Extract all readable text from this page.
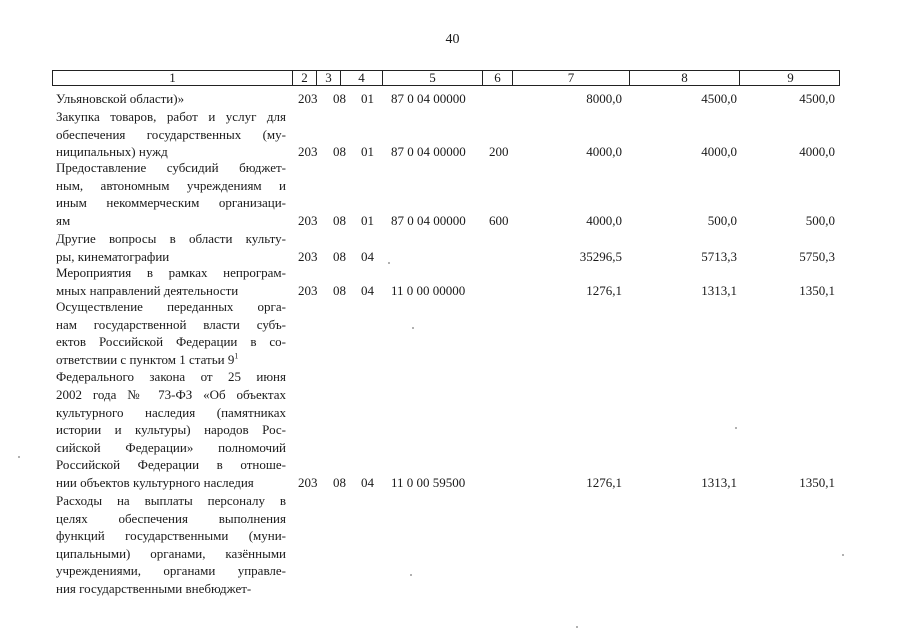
40
1	2	3	4	5	6	7	8	9
Ульяновской области)»	203 08 01 87 0 04 00000	8000,0	4500,0	4500,0
Закупка товаров, работ и услуг для
обеспечения государственных (му-
ниципальных) нужд	203 08 01 87 0 04 00000 200	4000,0	4000,0	4000,0
Предоставление субсидий бюджет-
ным, автономным учреждениям и
иным некоммерческим организаци-
ям	203 08 01 87 0 04 00000 600	4000,0	500,0	500,0
Другие вопросы в области культу-
ры, кинематографии	203 08 04	35296,5	5713,3	5750,3
Мероприятия в рамках непрограм-
мных направлений деятельности	203 08 04 11 0 00 00000	1276,1	1313,1	1350,1
Осуществление переданных орга-
нам государственной власти субъ-
ектов Российской Федерации в со-
ответствии с пунктом 1 статьи $9^1$
Федерального закона от 25 июня
2002 года № 73-ФЗ «Об объектах
культурного наследия (памятниках
истории и культуры) народов Рос-
сийской Федерации» полномочий
Российской Федерации в отноше-
нии объектов культурного наследия	203 08 04 11 0 00 59500	1276,1	1313,1	1350,1
Расходы на выплаты персоналу в
целях обеспечения выполнения
функций государственными (муни-
ципальными) органами, казёнными
учреждениями, органами управле-
ния государственными внебюджет-
